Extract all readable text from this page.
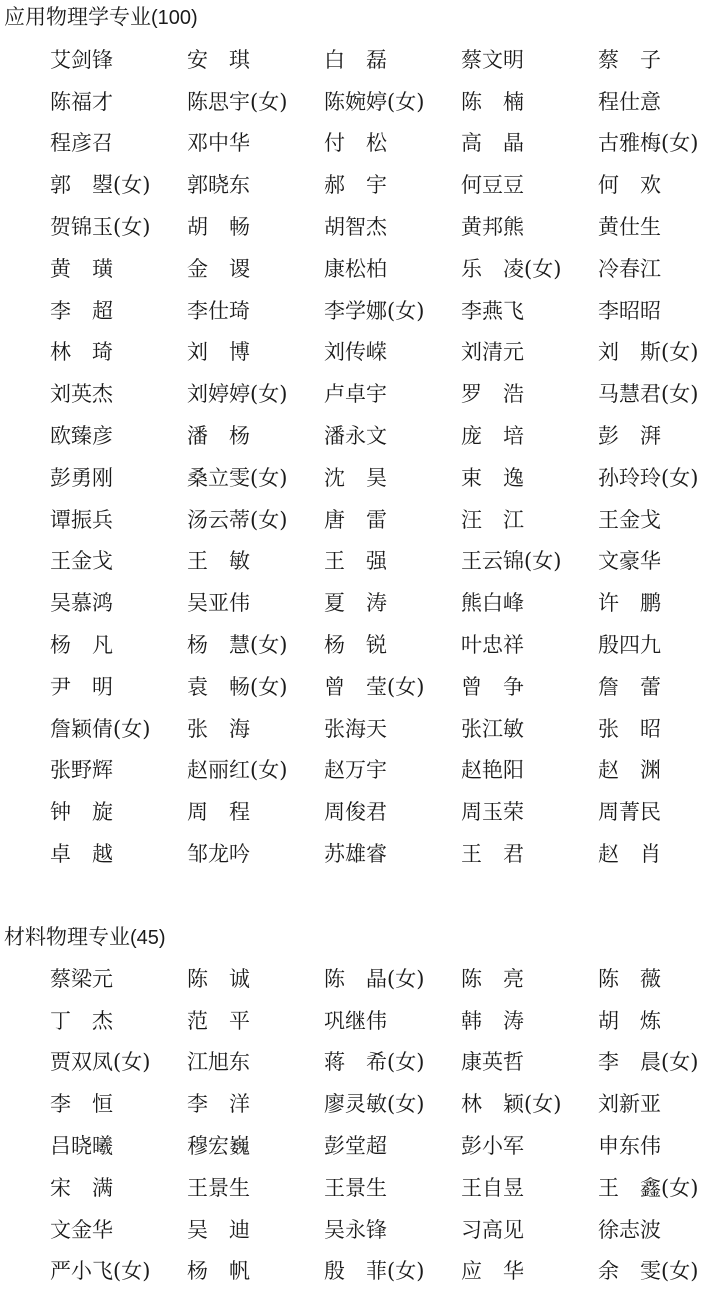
应用物理学专业(100)
艾剑锋	安　琪	白　磊	蔡文明	蔡　子
陈福才	陈思宇(女)	陈婉婷(女)	陈　楠	程仕意
程彦召	邓中华	付　松	高　晶	古雅梅(女)
郭　曌(女)	郭晓东	郝　宇	何豆豆	何　欢
贺锦玉(女)	胡　畅	胡智杰	黄邦熊	黄仕生
黄　璜	金　谡	康松柏	乐　凌(女)	冷春江
李　超	李仕琦	李学娜(女)	李燕飞	李昭昭
林　琦	刘　博	刘传嵘	刘清元	刘　斯(女)
刘英杰	刘婷婷(女)	卢卓宇	罗　浩	马慧君(女)
欧臻彦	潘　杨	潘永文	庞　培	彭　湃
彭勇刚	桑立雯(女)	沈　昊	束　逸	孙玲玲(女)
谭振兵	汤云蒂(女)	唐　雷	汪　江	王金戈
王金戈	王　敏	王　强	王云锦(女)	文豪华
吴慕鸿	吴亚伟	夏　涛	熊白峰	许　鹏
杨　凡	杨　慧(女)	杨　锐	叶忠祥	殷四九
尹　明	袁　畅(女)	曾　莹(女)	曾　争	詹　蕾
詹颖倩(女)	张　海	张海天	张江敏	张　昭
张野辉	赵丽红(女)	赵万宇	赵艳阳	赵　渊
钟　旋	周　程	周俊君	周玉荣	周菁民
卓　越	邹龙吟	苏雄睿	王　君	赵　肖
材料物理专业(45)
蔡梁元	陈　诚	陈　晶(女)	陈　亮	陈　薇
丁　杰	范　平	巩继伟	韩　涛	胡　炼
贾双凤(女)	江旭东	蒋　希(女)	康英哲	李　晨(女)
李　恒	李　洋	廖灵敏(女)	林　颖(女)	刘新亚
吕晓曦	穆宏巍	彭堂超	彭小军	申东伟
宋　满	王景生	王景生	王自昱	王　鑫(女)
文金华	吴　迪	吴永锋	习高见	徐志波
严小飞(女)	杨　帆	殷　菲(女)	应　华	余　雯(女)
